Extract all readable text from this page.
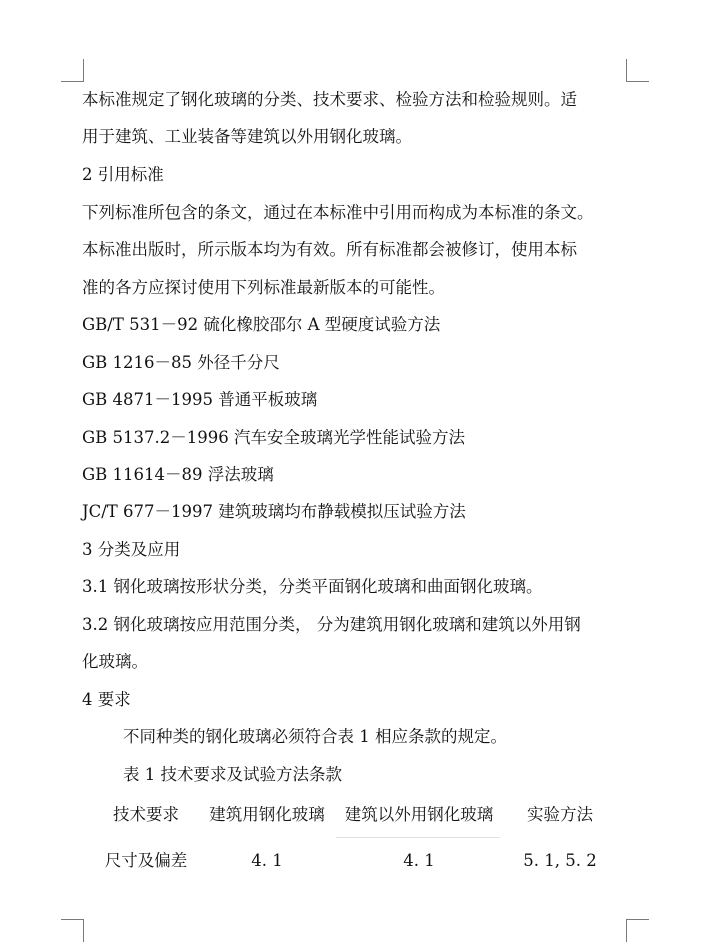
本标准规定了钢化玻璃的分类、技术要求、检验方法和检验规则。适
用于建筑、工业装备等建筑以外用钢化玻璃。
2 引用标准
下列标准所包含的条文，通过在本标准中引用而构成为本标准的条文。
本标准出版时，所示版本均为有效。所有标准都会被修订，使用本标
准的各方应探讨使用下列标准最新版本的可能性。
GB/T 531－92 硫化橡胶邵尔 A 型硬度试验方法
GB 1216－85 外径千分尺
GB 4871－1995 普通平板玻璃
GB 5137.2－1996 汽车安全玻璃光学性能试验方法
GB 11614－89 浮法玻璃
JC/T 677－1997 建筑玻璃均布静载模拟压试验方法
3 分类及应用
3.1 钢化玻璃按形状分类，分类平面钢化玻璃和曲面钢化玻璃。
3.2 钢化玻璃按应用范围分类， 分为建筑用钢化玻璃和建筑以外用钢
化玻璃。
4 要求
不同种类的钢化玻璃必须符合表 1 相应条款的规定。
表 1 技术要求及试验方法条款
技术要求	建筑用钢化玻璃	建筑以外用钢化玻璃	实验方法
尺寸及偏差	4. 1	4. 1	5. 1, 5. 2
